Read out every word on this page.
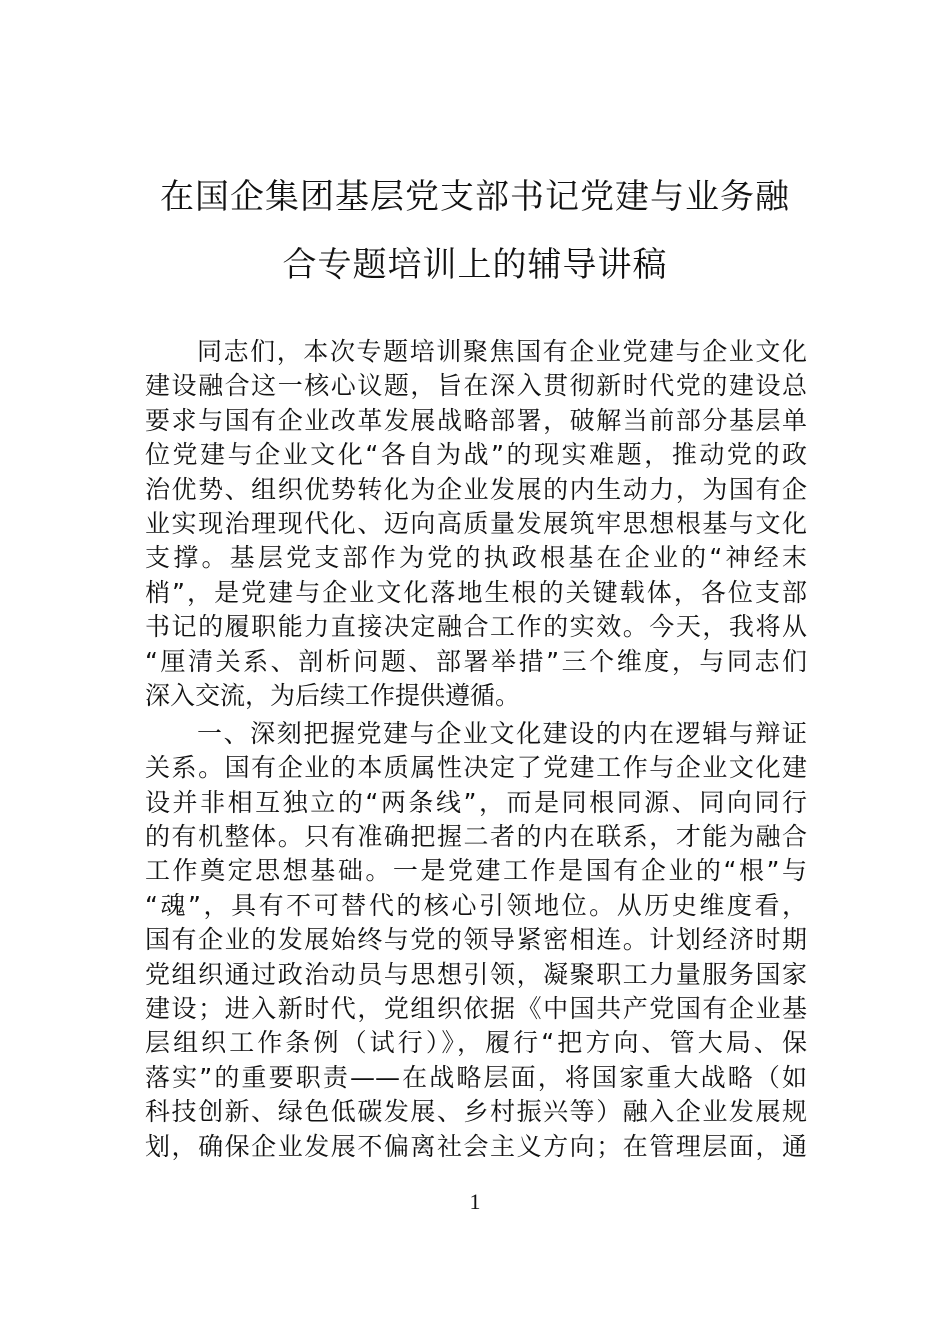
在国企集团基层党支部书记党建与业务融
合专题培训上的辅导讲稿
同志们，本次专题培训聚焦国有企业党建与企业文化
建设融合这一核心议题，旨在深入贯彻新时代党的建设总
要求与国有企业改革发展战略部署，破解当前部分基层单
位党建与企业文化“各自为战”的现实难题，推动党的政
治优势、组织优势转化为企业发展的内生动力，为国有企
业实现治理现代化、迈向高质量发展筑牢思想根基与文化
支撑。基层党支部作为党的执政根基在企业的“神经末
梢”，是党建与企业文化落地生根的关键载体，各位支部
书记的履职能力直接决定融合工作的实效。今天，我将从
“厘清关系、剖析问题、部署举措”三个维度，与同志们
深入交流，为后续工作提供遵循。
一、深刻把握党建与企业文化建设的内在逻辑与辩证
关系。国有企业的本质属性决定了党建工作与企业文化建
设并非相互独立的“两条线”，而是同根同源、同向同行
的有机整体。只有准确把握二者的内在联系，才能为融合
工作奠定思想基础。一是党建工作是国有企业的“根”与
“魂”，具有不可替代的核心引领地位。从历史维度看，
国有企业的发展始终与党的领导紧密相连。计划经济时期
党组织通过政治动员与思想引领，凝聚职工力量服务国家
建设；进入新时代，党组织依据《中国共产党国有企业基
层组织工作条例（试行）》，履行“把方向、管大局、保
落实”的重要职责——在战略层面，将国家重大战略（如
科技创新、绿色低碳发展、乡村振兴等）融入企业发展规
划，确保企业发展不偏离社会主义方向；在管理层面，通
1
